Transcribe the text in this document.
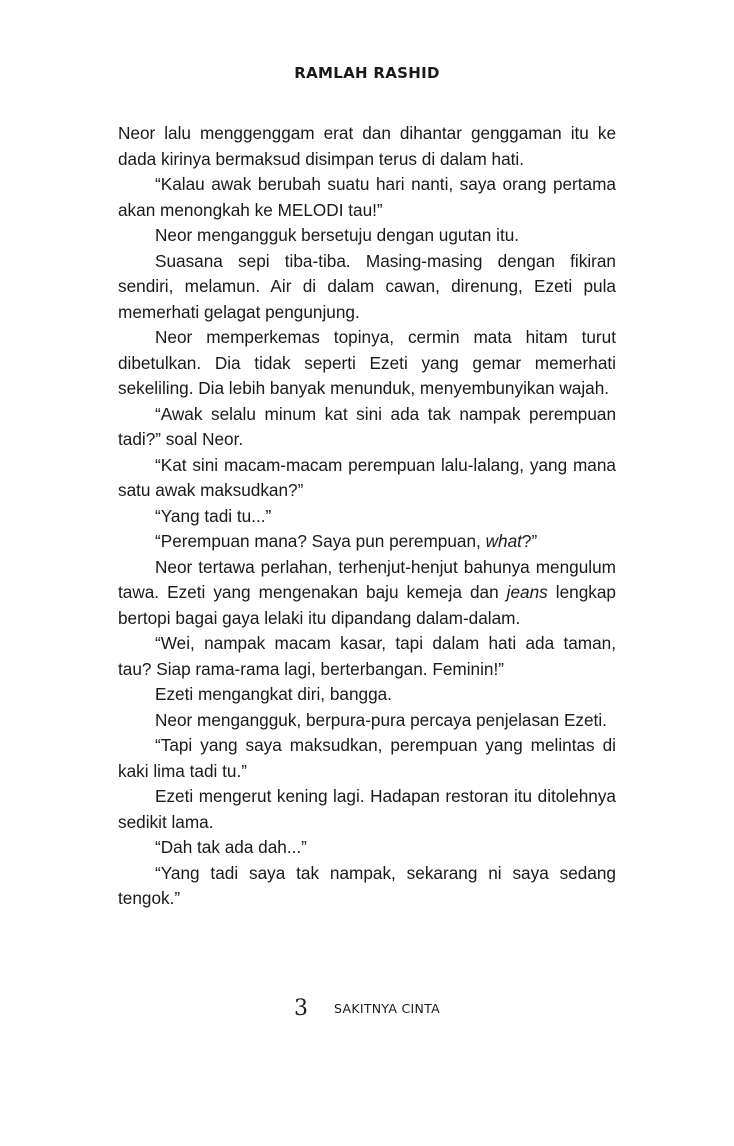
RAMLAH RASHID

Neor lalu menggenggam erat dan dihantar genggaman itu ke dada kirinya bermaksud disimpan terus di dalam hati.

“Kalau awak berubah suatu hari nanti, saya orang pertama akan menongkah ke MELODI tau!”

Neor mengangguk bersetuju dengan ugutan itu.

Suasana sepi tiba-tiba. Masing-masing dengan fikiran sendiri, melamun. Air di dalam cawan, direnung, Ezeti pula memerhati gelagat pengunjung.

Neor memperkemas topinya, cermin mata hitam turut dibetulkan. Dia tidak seperti Ezeti yang gemar memerhati sekeliling. Dia lebih banyak menunduk, menyembunyikan wajah.

“Awak selalu minum kat sini ada tak nampak perempuan tadi?” soal Neor.

“Kat sini macam-macam perempuan lalu-lalang, yang mana satu awak maksudkan?”

“Yang tadi tu...”

“Perempuan mana? Saya pun perempuan, what?”

Neor tertawa perlahan, terhenjut-henjut bahunya mengulum tawa. Ezeti yang mengenakan baju kemeja dan jeans lengkap bertopi bagai gaya lelaki itu dipandang dalam-dalam.

“Wei, nampak macam kasar, tapi dalam hati ada taman, tau? Siap rama-rama lagi, berterbangan. Feminin!”

Ezeti mengangkat diri, bangga.

Neor mengangguk, berpura-pura percaya penjelasan Ezeti.

“Tapi yang saya maksudkan, perempuan yang melintas di kaki lima tadi tu.”

Ezeti mengerut kening lagi. Hadapan restoran itu ditolehnya sedikit lama.

“Dah tak ada dah...”

“Yang tadi saya tak nampak, sekarang ni saya sedang tengok.”

3 SAKITNYA CINTA
